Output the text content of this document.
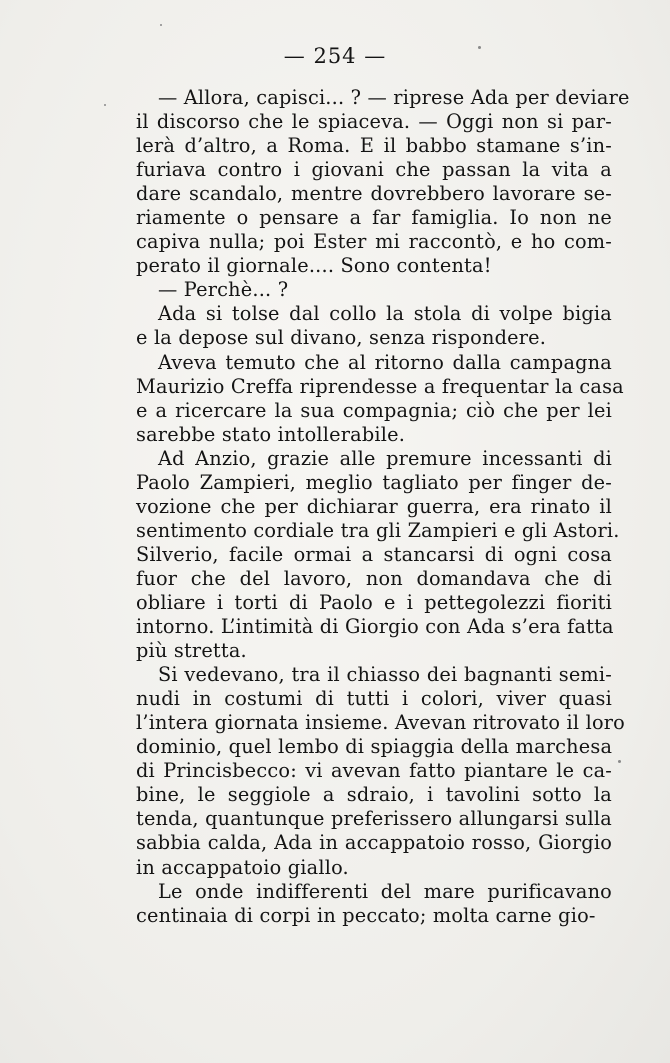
— 254 —
— Allora, capisci... ? — riprese Ada per deviare
il discorso che le spiaceva. — Oggi non si par-
lerà d’altro, a Roma. E il babbo stamane s’in-
furiava contro i giovani che passan la vita a
dare scandalo, mentre dovrebbero lavorare se-
riamente o pensare a far famiglia. Io non ne
capiva nulla; poi Ester mi raccontò, e ho com-
perato il giornale.... Sono contenta!
— Perchè... ?
Ada si tolse dal collo la stola di volpe bigia
e la depose sul divano, senza rispondere.
Aveva temuto che al ritorno dalla campagna
Maurizio Creffa riprendesse a frequentar la casa
e a ricercare la sua compagnia; ciò che per lei
sarebbe stato intollerabile.
Ad Anzio, grazie alle premure incessanti di
Paolo Zampieri, meglio tagliato per finger de-
vozione che per dichiarar guerra, era rinato il
sentimento cordiale tra gli Zampieri e gli Astori.
Silverio, facile ormai a stancarsi di ogni cosa
fuor che del lavoro, non domandava che di
obliare i torti di Paolo e i pettegolezzi fioriti
intorno. L’intimità di Giorgio con Ada s’era fatta
più stretta.
Si vedevano, tra il chiasso dei bagnanti semi-
nudi in costumi di tutti i colori, viver quasi
l’intera giornata insieme. Avevan ritrovato il loro
dominio, quel lembo di spiaggia della marchesa
di Princisbecco: vi avevan fatto piantare le ca-
bine, le seggiole a sdraio, i tavolini sotto la
tenda, quantunque preferissero allungarsi sulla
sabbia calda, Ada in accappatoio rosso, Giorgio
in accappatoio giallo.
Le onde indifferenti del mare purificavano
centinaia di corpi in peccato; molta carne gio-
